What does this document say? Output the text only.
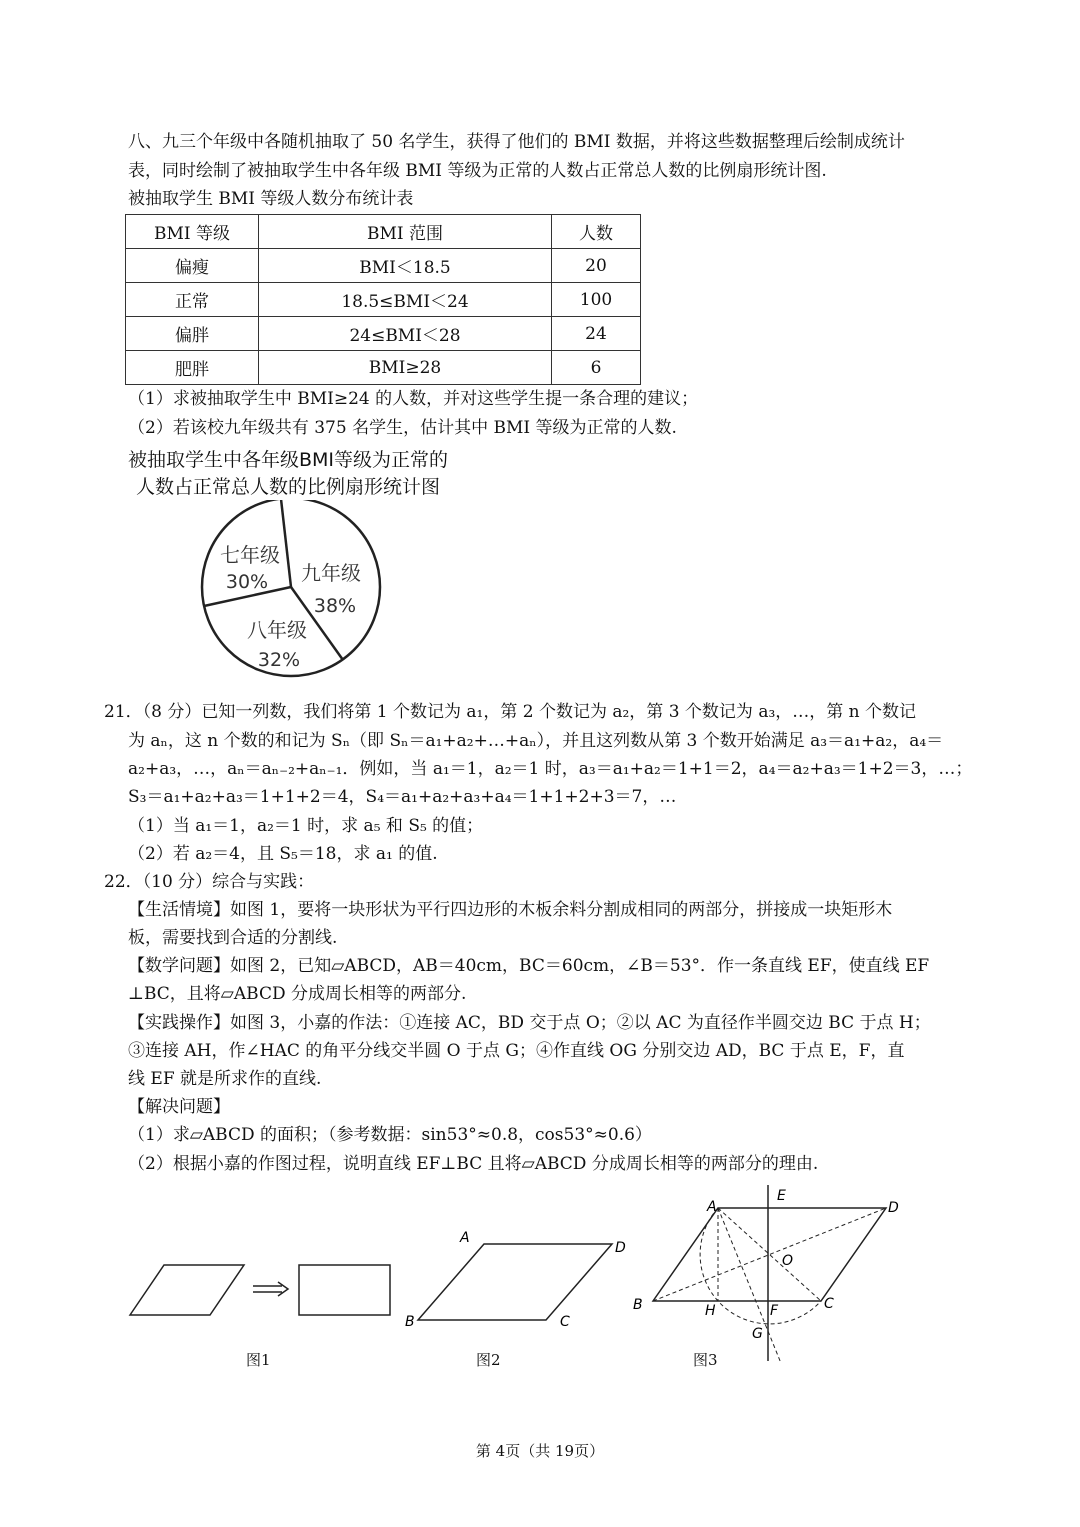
八、九三个年级中各随机抽取了 50 名学生，获得了他们的 BMI 数据，并将这些数据整理后绘制成统计
表，同时绘制了被抽取学生中各年级 BMI 等级为正常的人数占正常总人数的比例扇形统计图.
被抽取学生 BMI 等级人数分布统计表
BMI 等级	BMI 范围	人数
偏瘦	BMI＜18.5	20
正常	18.5≤BMI＜24	100
偏胖	24≤BMI＜28	24
肥胖	BMI≥28	6
（1）求被抽取学生中 BMI≥24 的人数，并对这些学生提一条合理的建议；
（2）若该校九年级共有 375 名学生，估计其中 BMI 等级为正常的人数.
被抽取学生中各年级BMI等级为正常的
人数占正常总人数的比例扇形统计图
七年级
30% 九年级
38%
八年级
32%
21．（8 分）已知一列数，我们将第 1 个数记为 a₁，第 2 个数记为 a₂，第 3 个数记为 a₃，…，第 n 个数记
为 aₙ，这 n 个数的和记为 Sₙ（即 Sₙ＝a₁+a₂+…+aₙ），并且这列数从第 3 个数开始满足 a₃＝a₁+a₂，a₄＝
a₂+a₃，…，aₙ＝aₙ₋₂+aₙ₋₁．例如，当 a₁＝1，a₂＝1 时，a₃＝a₁+a₂＝1+1＝2，a₄＝a₂+a₃＝1+2＝3，…；
S₃＝a₁+a₂+a₃＝1+1+2＝4，S₄＝a₁+a₂+a₃+a₄＝1+1+2+3＝7，…
（1）当 a₁＝1，a₂＝1 时，求 a₅ 和 S₅ 的值；
（2）若 a₂＝4，且 S₅＝18，求 a₁ 的值.
22．（10 分）综合与实践：
【生活情境】如图 1，要将一块形状为平行四边形的木板余料分割成相同的两部分，拼接成一块矩形木
板，需要找到合适的分割线.
【数学问题】如图 2，已知▱ABCD，AB＝40cm，BC＝60cm，∠B＝53°．作一条直线 EF，使直线 EF
⊥BC，且将▱ABCD 分成周长相等的两部分.
【实践操作】如图 3，小嘉的作法：①连接 AC，BD 交于点 O；②以 AC 为直径作半圆交边 BC 于点 H；
③连接 AH，作∠HAC 的角平分线交半圆 O 于点 G；④作直线 OG 分别交边 AD，BC 于点 E，F，直
线 EF 就是所求作的直线.
【解决问题】
（1）求▱ABCD 的面积；（参考数据：sin53°≈0.8，cos53°≈0.6）
（2）根据小嘉的作图过程，说明直线 EF⊥BC 且将▱ABCD 分成周长相等的两部分的理由.
图1
A
B	C
D
图2
A
B	C
D
E
F
G
H
O
图3
第 4页（共 19页）
